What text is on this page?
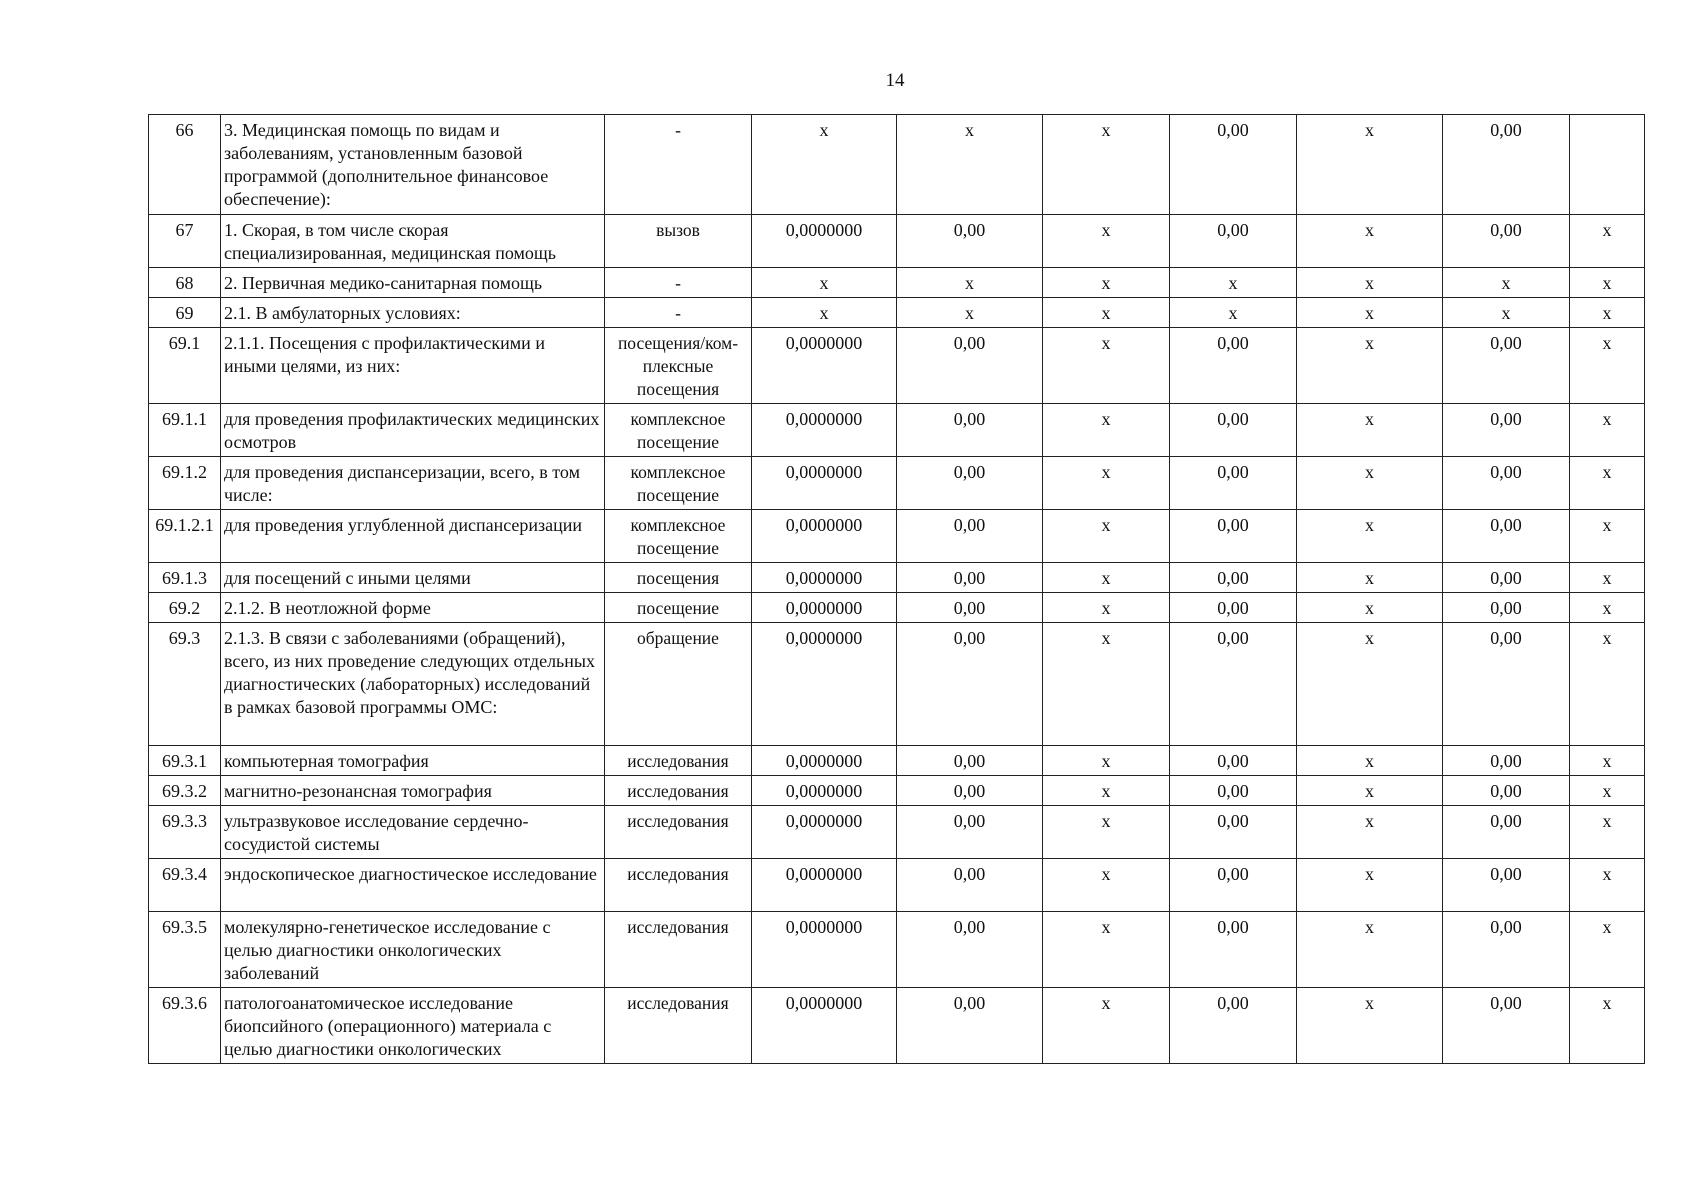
14
66	3. Медицинская помощь по видам и заболеваниям, установленным базовой программой (дополнительное финансовое обеспечение):	-	х	х	х	0,00	х	0,00	
67	1. Скорая, в том числе скорая специализированная, медицинская помощь	вызов	0,0000000	0,00	х	0,00	х	0,00	х
68	2. Первичная медико-санитарная помощь	-	х	х	х	х	х	х	х
69	2.1. В амбулаторных условиях:	-	х	х	х	х	х	х	х
69.1	2.1.1. Посещения с профилактическими и иными целями, из них:	посещения/ком-плексные посещения	0,0000000	0,00	х	0,00	х	0,00	х
69.1.1	для проведения профилактических медицинских осмотров	комплексное посещение	0,0000000	0,00	х	0,00	х	0,00	х
69.1.2	для проведения диспансеризации, всего, в том числе:	комплексное посещение	0,0000000	0,00	х	0,00	х	0,00	х
69.1.2.1	для проведения углубленной диспансеризации	комплексное посещение	0,0000000	0,00	х	0,00	х	0,00	х
69.1.3	для посещений с иными целями	посещения	0,0000000	0,00	х	0,00	х	0,00	х
69.2	2.1.2. В неотложной форме	посещение	0,0000000	0,00	х	0,00	х	0,00	х
69.3	2.1.3. В связи с заболеваниями (обращений), всего, из них проведение следующих отдельных диагностических (лабораторных) исследований в рамках базовой программы ОМС:	обращение	0,0000000	0,00	х	0,00	х	0,00	х
69.3.1	компьютерная томография	исследования	0,0000000	0,00	х	0,00	х	0,00	х
69.3.2	магнитно-резонансная томография	исследования	0,0000000	0,00	х	0,00	х	0,00	х
69.3.3	ультразвуковое исследование сердечно-сосудистой системы	исследования	0,0000000	0,00	х	0,00	х	0,00	х
69.3.4	эндоскопическое диагностическое исследование	исследования	0,0000000	0,00	х	0,00	х	0,00	х
69.3.5	молекулярно-генетическое исследование с целью диагностики онкологических заболеваний	исследования	0,0000000	0,00	х	0,00	х	0,00	х
69.3.6	патологоанатомическое исследование биопсийного (операционного) материала с целью диагностики онкологических	исследования	0,0000000	0,00	х	0,00	х	0,00	х
